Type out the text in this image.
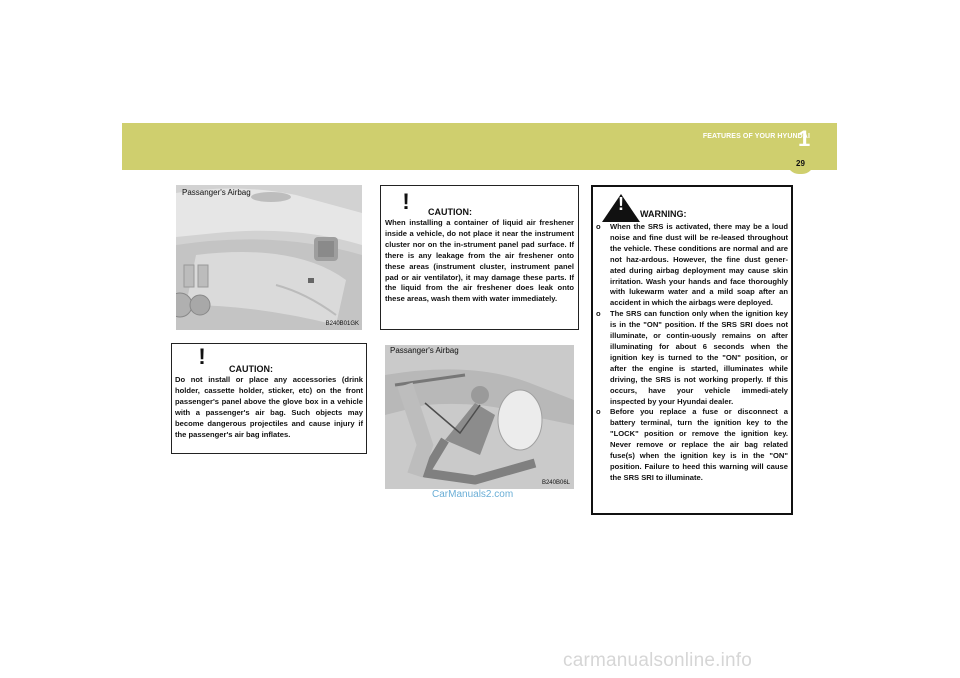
FEATURES OF YOUR HYUNDAI
1
29
Passanger's Airbag
B240B01GK
!	CAUTION:
Do not install or place any accessories (drink holder, cassette holder, sticker, etc) on the front passenger's panel above the glove box in a vehicle with a passenger's air bag. Such objects may become dangerous projectiles and cause injury if the passenger's air bag inflates.
!	CAUTION:
When installing a container of liquid air freshener inside a vehicle, do not place it near the instrument cluster nor on the in-strument panel pad surface. If there is any leakage from the air freshener onto these areas (instrument cluster, instrument panel pad or air ventilator), it may damage these parts. If the liquid from the air freshener does leak onto these areas, wash them with water immediately.
Passanger's Airbag
B240B06L
CarManuals2.com
!	WARNING:
o	When the SRS is activated, there may be a loud noise and fine dust will be re-leased throughout the vehicle. These conditions are normal and are not haz-ardous. However, the fine dust gener-ated during airbag deployment may cause skin irritation. Wash your hands and face thoroughly with lukewarm water and a mild soap after an accident in which the airbags were deployed.
o	The SRS can function only when the ignition key is in the "ON" position. If the SRS SRI does not illuminate, or contin-uously remains on after illuminating for about 6 seconds when the ignition key is turned to the "ON" position, or after the engine is started, illuminates while driving, the SRS is not working properly. If this occurs, have your vehicle immedi-ately inspected by your Hyundai dealer.
o	Before you replace a fuse or disconnect a battery terminal, turn the ignition key to the "LOCK" position or remove the ignition key. Never remove or replace the air bag related fuse(s) when the ignition key is in the "ON" position. Failure to heed this warning will cause the SRS SRI to illuminate.
carmanualsonline.info
